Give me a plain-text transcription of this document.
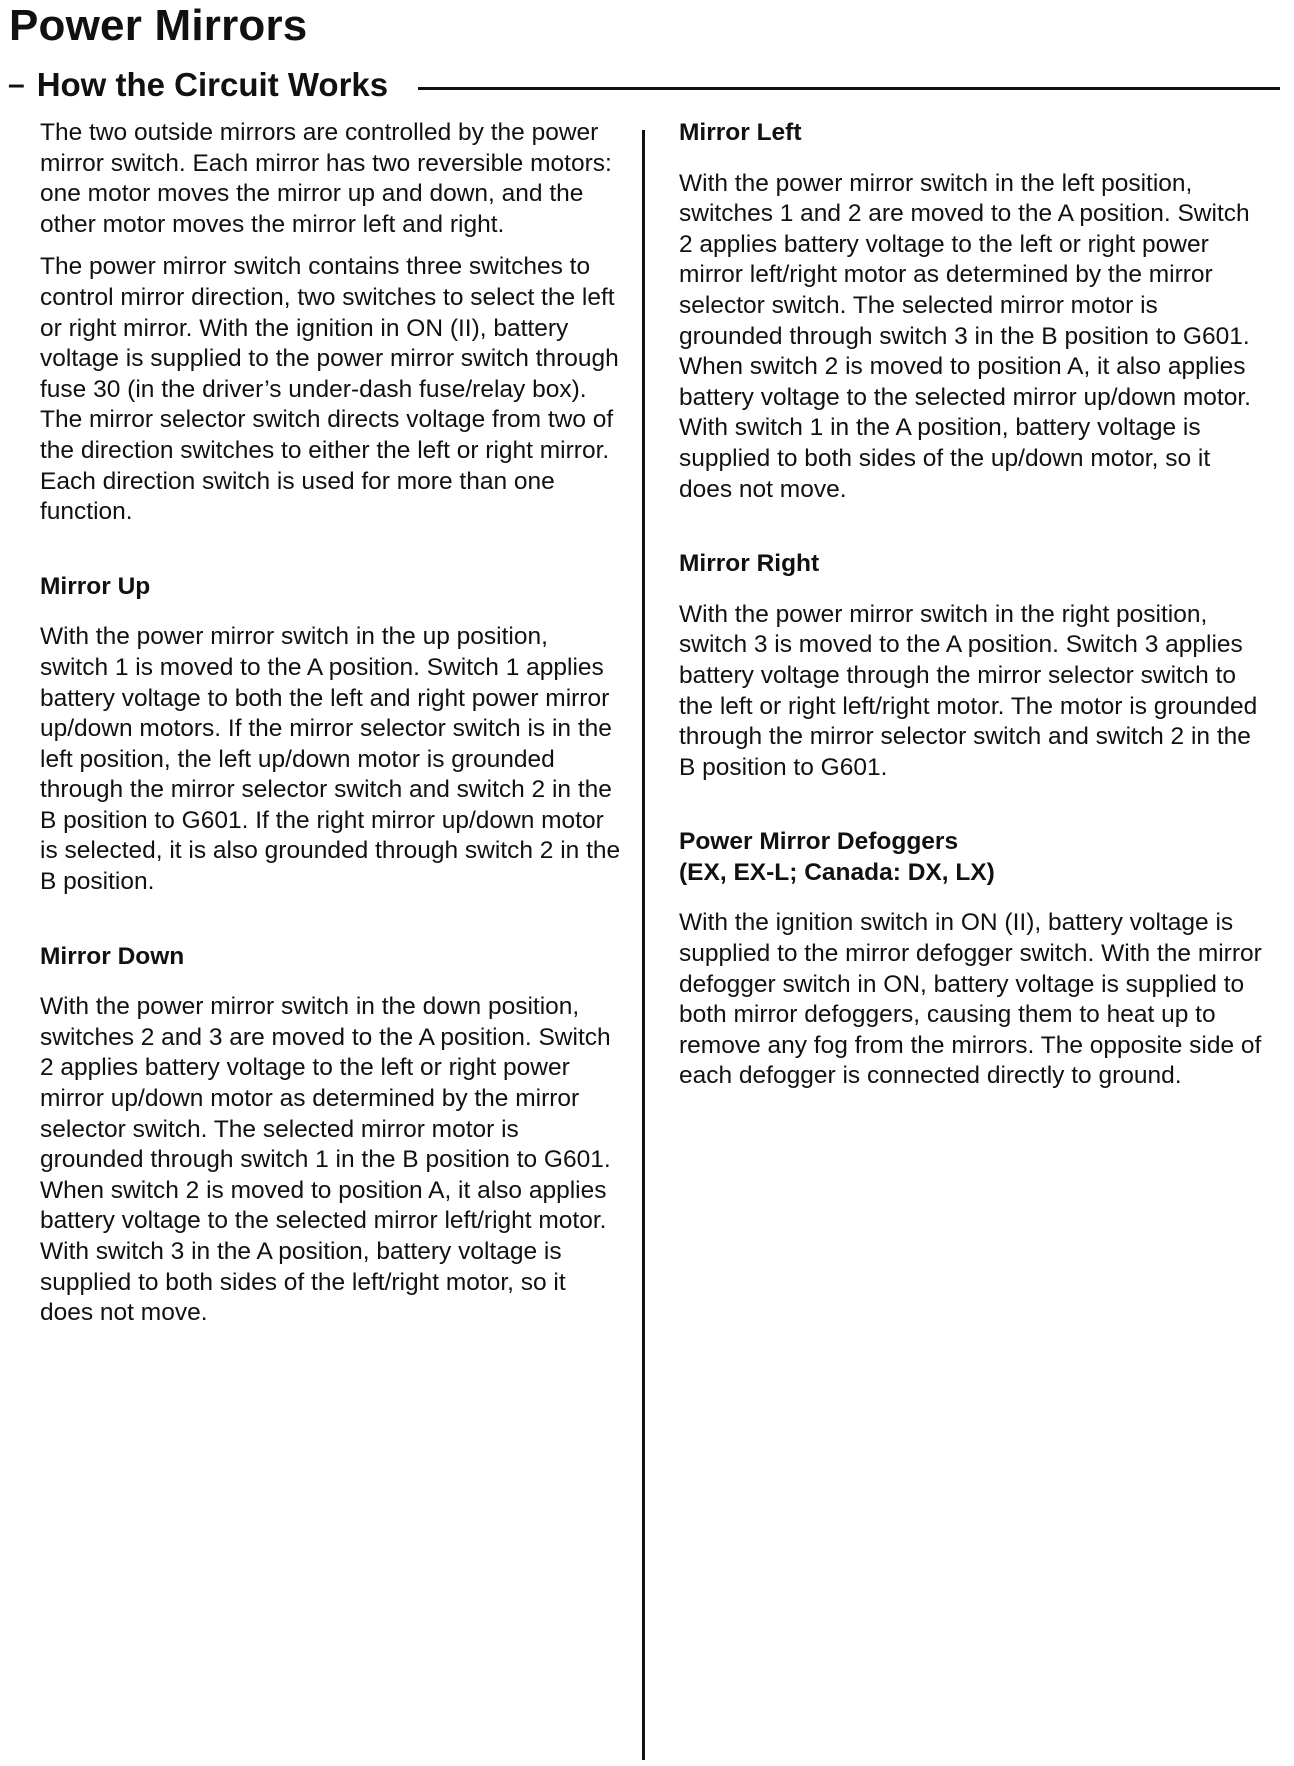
Power Mirrors
– How the Circuit Works

The two outside mirrors are controlled by the power mirror switch. Each mirror has two reversible motors: one motor moves the mirror up and down, and the other motor moves the mirror left and right.

The power mirror switch contains three switches to control mirror direction, two switches to select the left or right mirror. With the ignition in ON (II), battery voltage is supplied to the power mirror switch through fuse 30 (in the driver’s under-dash fuse/relay box). The mirror selector switch directs voltage from two of the direction switches to either the left or right mirror. Each direction switch is used for more than one function.

Mirror Up

With the power mirror switch in the up position, switch 1 is moved to the A position. Switch 1 applies battery voltage to both the left and right power mirror up/down motors. If the mirror selector switch is in the left position, the left up/down motor is grounded through the mirror selector switch and switch 2 in the B position to G601. If the right mirror up/down motor is selected, it is also grounded through switch 2 in the B position.

Mirror Down

With the power mirror switch in the down position, switches 2 and 3 are moved to the A position. Switch 2 applies battery voltage to the left or right power mirror up/down motor as determined by the mirror selector switch. The selected mirror motor is grounded through switch 1 in the B position to G601. When switch 2 is moved to position A, it also applies battery voltage to the selected mirror left/right motor. With switch 3 in the A position, battery voltage is supplied to both sides of the left/right motor, so it does not move.

Mirror Left

With the power mirror switch in the left position, switches 1 and 2 are moved to the A position. Switch 2 applies battery voltage to the left or right power mirror left/right motor as determined by the mirror selector switch. The selected mirror motor is grounded through switch 3 in the B position to G601. When switch 2 is moved to position A, it also applies battery voltage to the selected mirror up/down motor. With switch 1 in the A position, battery voltage is supplied to both sides of the up/down motor, so it does not move.

Mirror Right

With the power mirror switch in the right position, switch 3 is moved to the A position. Switch 3 applies battery voltage through the mirror selector switch to the left or right left/right motor. The motor is grounded through the mirror selector switch and switch 2 in the B position to G601.

Power Mirror Defoggers

(EX, EX-L; Canada: DX, LX)

With the ignition switch in ON (II), battery voltage is supplied to the mirror defogger switch. With the mirror defogger switch in ON, battery voltage is supplied to both mirror defoggers, causing them to heat up to remove any fog from the mirrors. The opposite side of each defogger is connected directly to ground.
